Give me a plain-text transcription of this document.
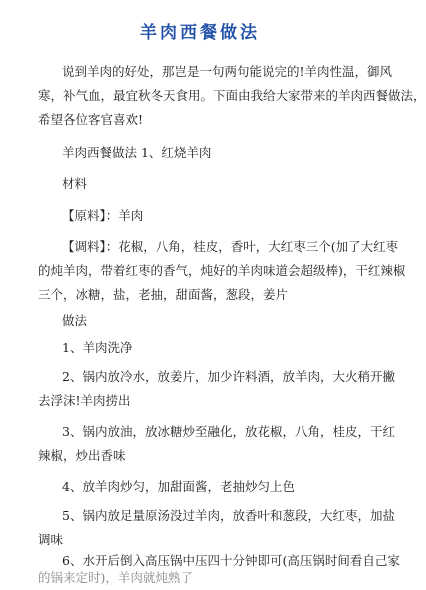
羊肉西餐做法
说到羊肉的好处，那岂是一句两句能说完的!羊肉性温，御风
寒，补气血，最宜秋冬天食用。下面由我给大家带来的羊肉西餐做法，
希望各位客官喜欢!
羊肉西餐做法 1、红烧羊肉
材料
【原料】：羊肉
【调料】：花椒，八角，桂皮，香叶，大红枣三个(加了大红枣
的炖羊肉，带着红枣的香气，炖好的羊肉味道会超级棒)，干红辣椒
三个，冰糖，盐，老抽，甜面酱，葱段，姜片
做法
1、羊肉洗净
2、锅内放冷水，放姜片，加少许料酒，放羊肉，大火稍开撇
去浮沫!羊肉捞出
3、锅内放油，放冰糖炒至融化，放花椒，八角，桂皮，干红
辣椒，炒出香味
4、放羊肉炒匀，加甜面酱，老抽炒匀上色
5、锅内放足量原汤没过羊肉，放香叶和葱段，大红枣，加盐
调味
6、水开后倒入高压锅中压四十分钟即可(高压锅时间看自己家
的锅来定时)，羊肉就炖熟了
